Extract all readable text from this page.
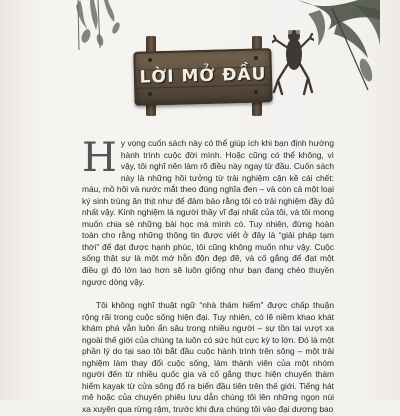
LỜI MỞ ĐẦU

Hy vọng cuốn sách này có thể giúp ích khi bạn định hướng hành trình cuộc đời mình. Hoặc cũng có thể không, vì vậy, tôi nghĩ nên làm rõ điều này ngay từ đầu. Cuốn sách này là những hồi tưởng từ trải nghiệm cận kề cái chết: máu, mồ hôi và nước mắt theo đúng nghĩa đen – và còn cả một loại ký sinh trùng ăn thịt như để đảm bảo rằng tôi có trải nghiệm đầy đủ nhất vậy. Kinh nghiệm là người thầy vĩ đại nhất của tôi, và tôi mong muốn chia sẻ những bài học mà mình có. Tuy nhiên, đừng hoàn toàn cho rằng những thông tin được viết ở đây là “giải pháp tạm thời” để đạt được hạnh phúc, tôi cũng không muốn như vậy. Cuộc sống thật sự là một mớ hỗn độn đẹp đẽ, và cố gắng để đạt một điều gì đó lớn lao hơn sẽ luôn giống như bạn đang chèo thuyền ngược dòng vậy.

Tôi không nghĩ thuật ngữ “nhà thám hiểm” được chấp thuận rộng rãi trong cuộc sống hiện đại. Tuy nhiên, có lẽ niềm khao khát khám phá vẫn luôn ẩn sâu trong nhiều người – sự tồn tại vượt xa ngoài thế giới của chúng ta luôn có sức hút cực kỳ to lớn. Đó là một phần lý do tại sao tôi bắt đầu cuộc hành trình trên sông – một trải nghiệm làm thay đổi cuộc sống, làm thành viên của một nhóm người đến từ nhiều quốc gia và cố gắng thực hiện chuyến thám hiểm kayak từ cửa sông đổ ra biển đầu tiên trên thế giới. Tiếng hát mê hoặc của chuyến phiêu lưu dẫn chúng tôi lên những ngọn núi xa xuyên qua rừng rậm, trước khi đưa chúng tôi vào đại dương bao
